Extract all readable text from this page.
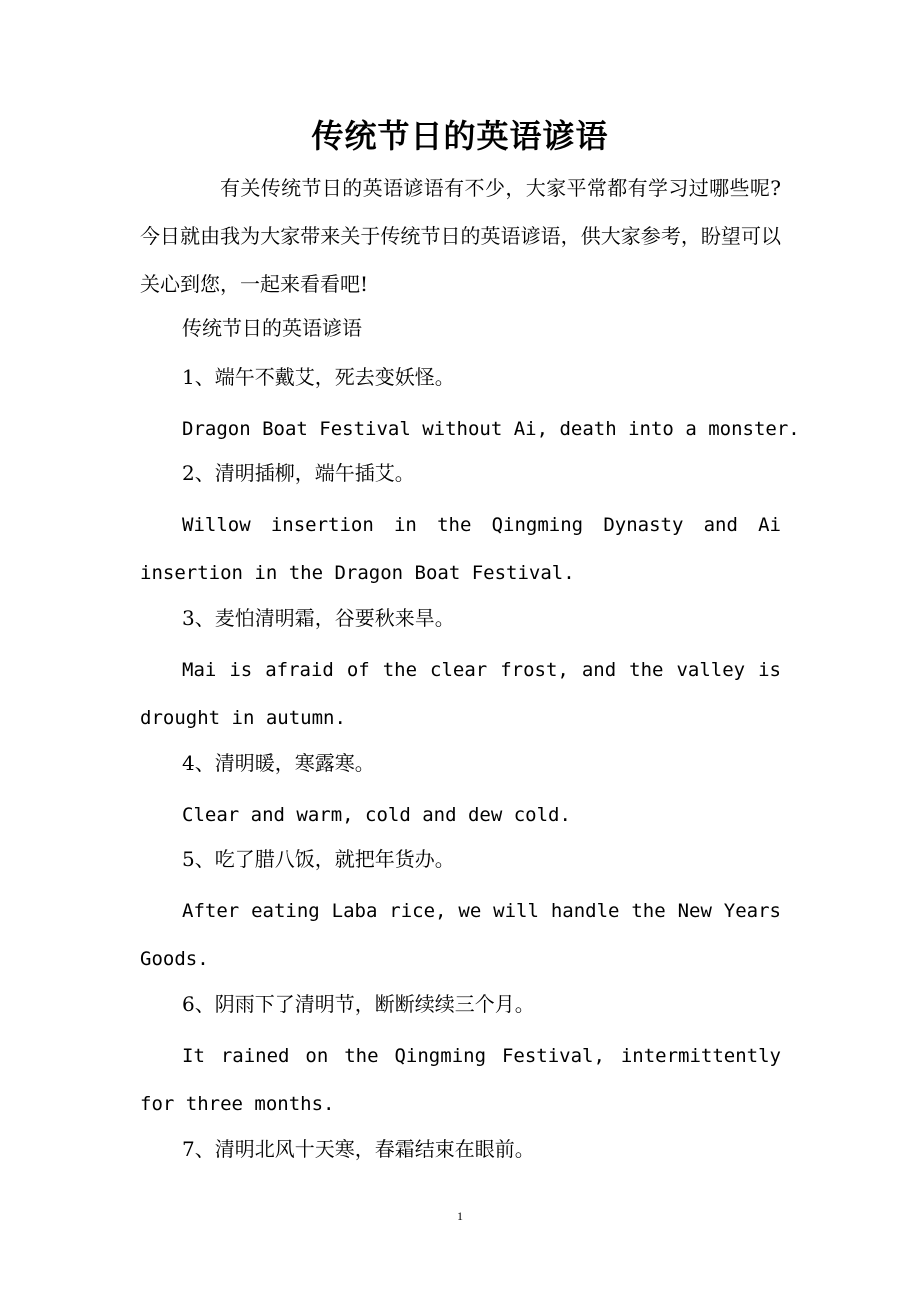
传统节日的英语谚语

有关传统节日的英语谚语有不少，大家平常都有学习过哪些呢?今日就由我为大家带来关于传统节日的英语谚语，供大家参考，盼望可以关心到您，一起来看看吧!

传统节日的英语谚语

1、端午不戴艾，死去变妖怪。

Dragon Boat Festival without Ai, death into a monster.

2、清明插柳，端午插艾。

Willow insertion in the Qingming Dynasty and Ai insertion in the Dragon Boat Festival.

3、麦怕清明霜，谷要秋来旱。

Mai is afraid of the clear frost, and the valley is drought in autumn.

4、清明暖，寒露寒。

Clear and warm, cold and dew cold.

5、吃了腊八饭，就把年货办。

After eating Laba rice, we will handle the New Years Goods.

6、阴雨下了清明节，断断续续三个月。

It rained on the Qingming Festival, intermittently for three months.

7、清明北风十天寒，春霜结束在眼前。

1
